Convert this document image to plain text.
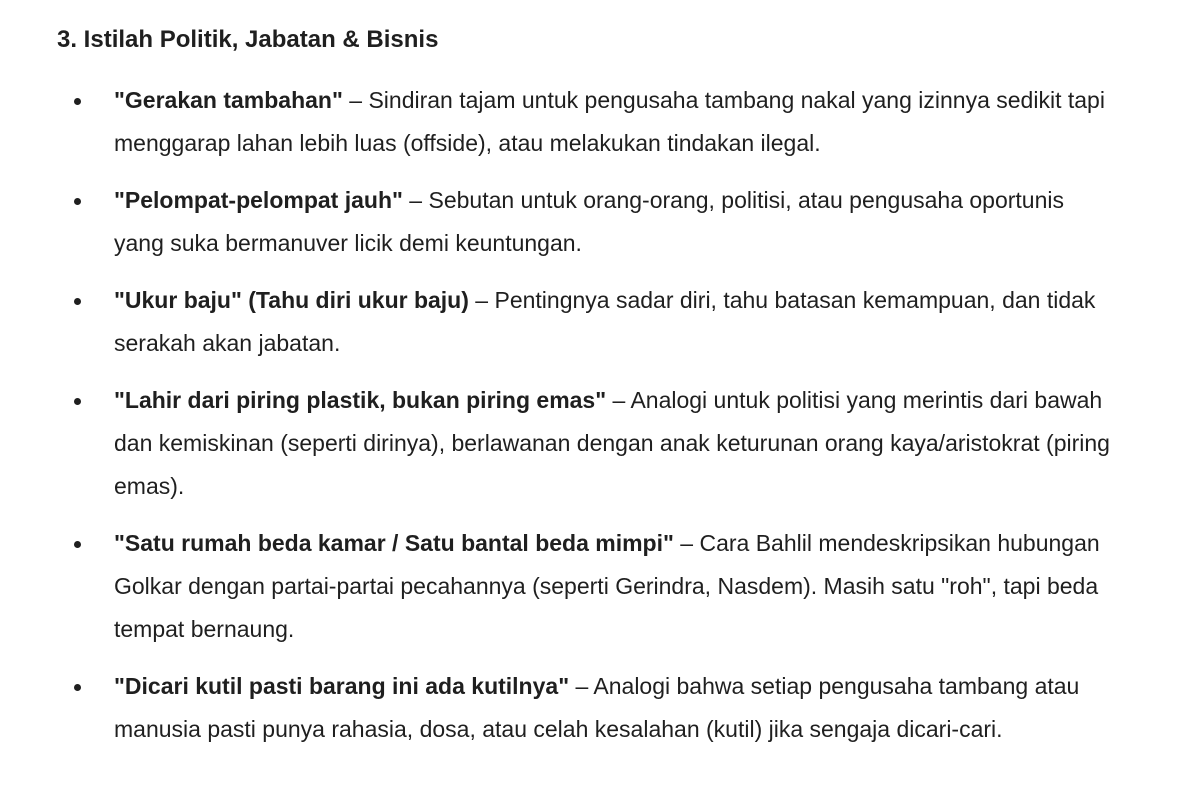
3. Istilah Politik, Jabatan & Bisnis
"Gerakan tambahan" – Sindiran tajam untuk pengusaha tambang nakal yang izinnya sedikit tapi menggarap lahan lebih luas (offside), atau melakukan tindakan ilegal.
"Pelompat-pelompat jauh" – Sebutan untuk orang-orang, politisi, atau pengusaha oportunis yang suka bermanuver licik demi keuntungan.
"Ukur baju" (Tahu diri ukur baju) – Pentingnya sadar diri, tahu batasan kemampuan, dan tidak serakah akan jabatan.
"Lahir dari piring plastik, bukan piring emas" – Analogi untuk politisi yang merintis dari bawah dan kemiskinan (seperti dirinya), berlawanan dengan anak keturunan orang kaya/aristokrat (piring emas).
"Satu rumah beda kamar / Satu bantal beda mimpi" – Cara Bahlil mendeskripsikan hubungan Golkar dengan partai-partai pecahannya (seperti Gerindra, Nasdem). Masih satu "roh", tapi beda tempat bernaung.
"Dicari kutil pasti barang ini ada kutilnya" – Analogi bahwa setiap pengusaha tambang atau manusia pasti punya rahasia, dosa, atau celah kesalahan (kutil) jika sengaja dicari-cari.
